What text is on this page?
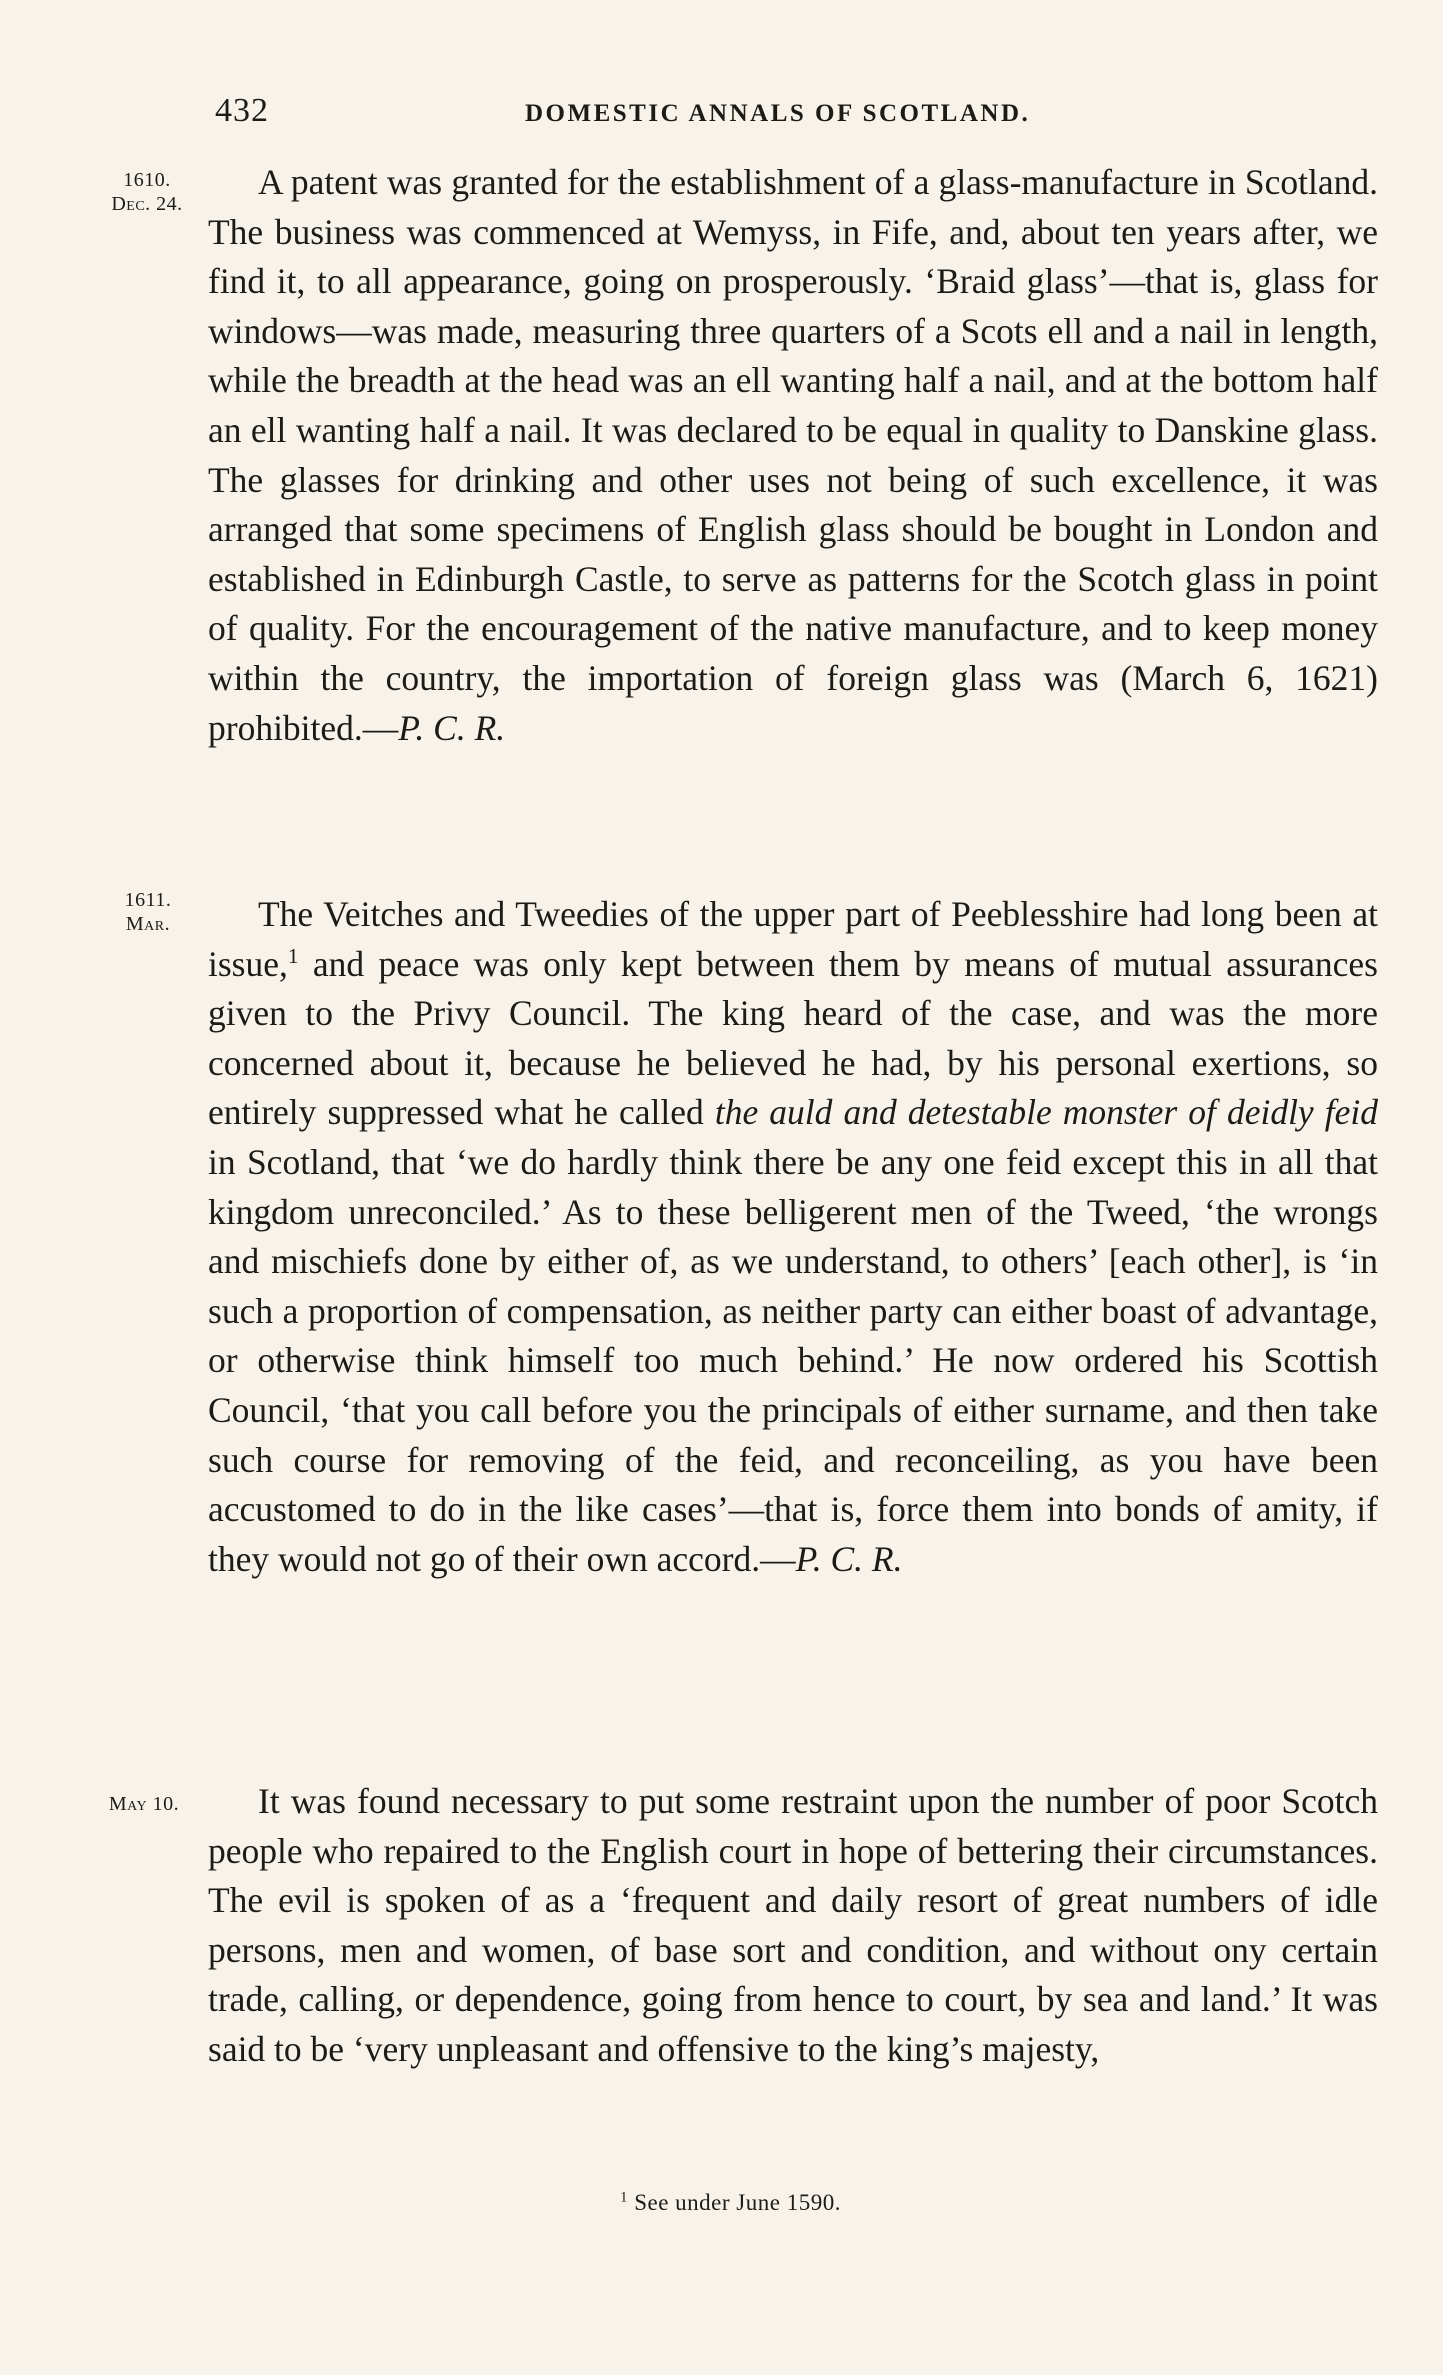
432	DOMESTIC ANNALS OF SCOTLAND.
1610.
Dec. 24.

A patent was granted for the establishment of a glass-manufacture in Scotland. The business was commenced at Wemyss, in Fife, and, about ten years after, we find it, to all appearance, going on prosperously. ‘Braid glass’—that is, glass for windows—was made, measuring three quarters of a Scots ell and a nail in length, while the breadth at the head was an ell wanting half a nail, and at the bottom half an ell wanting half a nail. It was declared to be equal in quality to Danskine glass. The glasses for drinking and other uses not being of such excellence, it was arranged that some specimens of English glass should be bought in London and established in Edinburgh Castle, to serve as patterns for the Scotch glass in point of quality. For the encouragement of the native manufacture, and to keep money within the country, the importation of foreign glass was (March 6, 1621) prohibited.—P. C. R.

1611.
Mar.	The Veitches and Tweedies of the upper part of Peeblesshire had long been at issue,$^1$ and peace was only kept between them by means of mutual assurances given to the Privy Council. The king heard of the case, and was the more concerned about it, because he believed he had, by his personal exertions, so entirely suppressed what he called the auld and detestable monster of deidly feid in Scotland, that ‘we do hardly think there be any one feid except this in all that kingdom unreconciled.’ As to these belligerent men of the Tweed, ‘the wrongs and mischiefs done by either of, as we understand, to others’ [each other], is ‘in such a proportion of compensation, as neither party can either boast of advantage, or otherwise think himself too much behind.’ He now ordered his Scottish Council, ‘that you call before you the principals of either surname, and then take such course for removing of the feid, and reconceiling, as you have been accustomed to do in the like cases’—that is, force them into bonds of amity, if they would not go of their own accord.—P. C. R.

May 10.	It was found necessary to put some restraint upon the number of poor Scotch people who repaired to the English court in hope of bettering their circumstances. The evil is spoken of as a ‘frequent and daily resort of great numbers of idle persons, men and women, of base sort and condition, and without ony certain trade, calling, or dependence, going from hence to court, by sea and land.’ It was said to be ‘very unpleasant and offensive to the king’s majesty,

$^1$ See under June 1590.
